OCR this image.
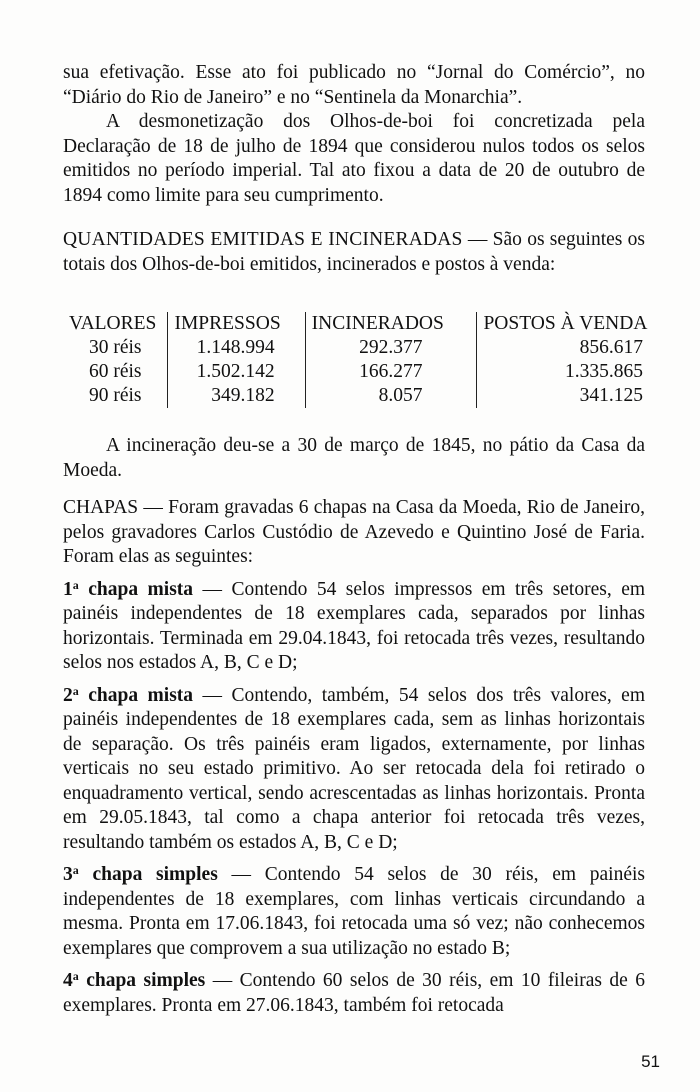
sua efetivação. Esse ato foi publicado no “Jornal do Comércio”, no “Diário do Rio de Janeiro” e no “Sentinela da Monarchia”.

A desmonetização dos Olhos-de-boi foi concretizada pela Declaração de 18 de julho de 1894 que considerou nulos todos os selos emitidos no período imperial. Tal ato fixou a data de 20 de outubro de 1894 como limite para seu cumprimento.

QUANTIDADES EMITIDAS E INCINERADAS — São os seguintes os totais dos Olhos-de-boi emitidos, incinerados e postos à venda:

VALORES	IMPRESSOS	INCINERADOS	POSTOS À VENDA
30 réis	1.148.994	292.377	856.617
60 réis	1.502.142	166.277	1.335.865
90 réis	349.182	8.057	341.125

A incineração deu-se a 30 de março de 1845, no pátio da Casa da Moeda.

CHAPAS — Foram gravadas 6 chapas na Casa da Moeda, Rio de Janeiro, pelos gravadores Carlos Custódio de Azevedo e Quintino José de Faria. Foram elas as seguintes:

1$^a$ chapa mista — Contendo 54 selos impressos em três setores, em painéis independentes de 18 exemplares cada, separados por linhas horizontais. Terminada em 29.04.1843, foi retocada três vezes, resultando selos nos estados A, B, C e D;

2$^a$ chapa mista — Contendo, também, 54 selos dos três valores, em painéis independentes de 18 exemplares cada, sem as linhas horizontais de separação. Os três painéis eram ligados, externamente, por linhas verticais no seu estado primitivo. Ao ser retocada dela foi retirado o enquadramento vertical, sendo acrescentadas as linhas horizontais. Pronta em 29.05.1843, tal como a chapa anterior foi retocada três vezes, resultando também os estados A, B, C e D;

3$^a$ chapa simples — Contendo 54 selos de 30 réis, em painéis independentes de 18 exemplares, com linhas verticais circundando a mesma. Pronta em 17.06.1843, foi retocada uma só vez; não conhecemos exemplares que comprovem a sua utilização no estado B;

4$^a$ chapa simples — Contendo 60 selos de 30 réis, em 10 fileiras de 6 exemplares. Pronta em 27.06.1843, também foi retocada

51
